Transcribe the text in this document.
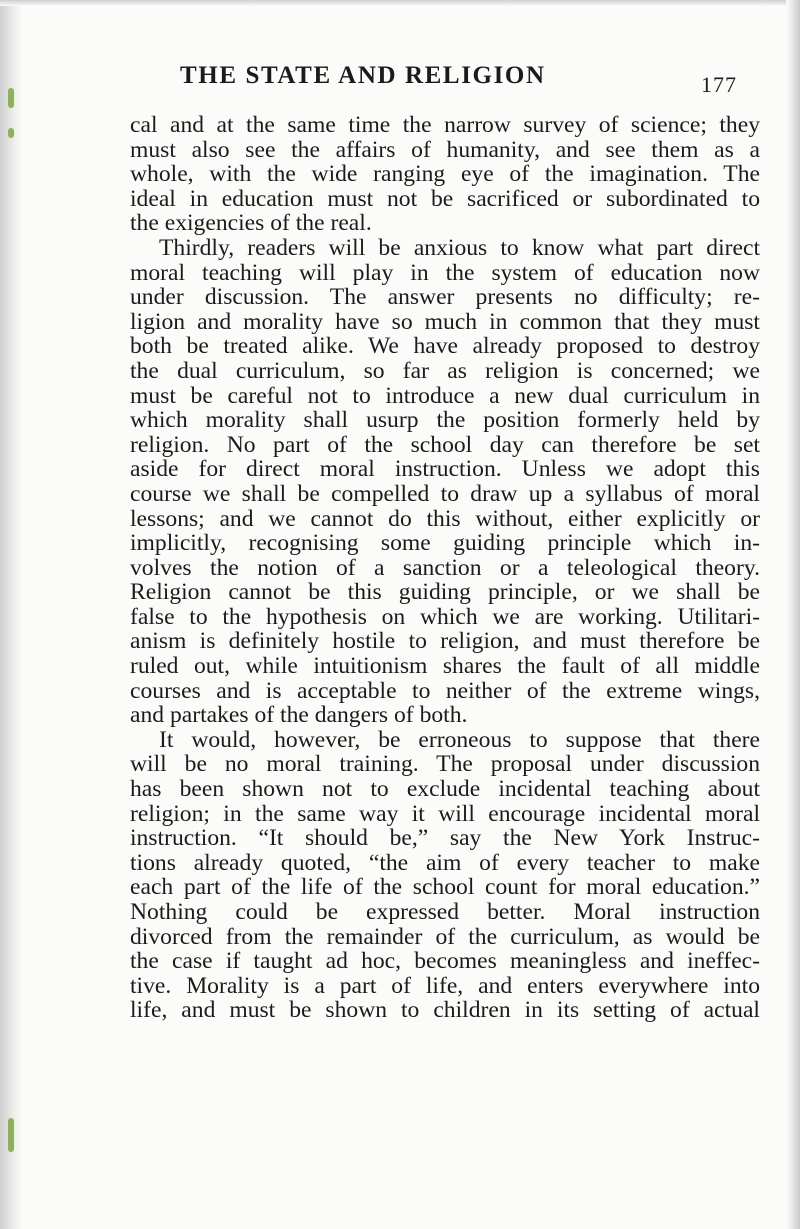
THE STATE AND RELIGION	177
cal and at the same time the narrow survey of science; they
must also see the affairs of humanity, and see them as a
whole, with the wide ranging eye of the imagination. The
ideal in education must not be sacrificed or subordinated to
the exigencies of the real.
Thirdly, readers will be anxious to know what part direct
moral teaching will play in the system of education now
under discussion. The answer presents no difficulty; re-
ligion and morality have so much in common that they must
both be treated alike. We have already proposed to destroy
the dual curriculum, so far as religion is concerned; we
must be careful not to introduce a new dual curriculum in
which morality shall usurp the position formerly held by
religion. No part of the school day can therefore be set
aside for direct moral instruction. Unless we adopt this
course we shall be compelled to draw up a syllabus of moral
lessons; and we cannot do this without, either explicitly or
implicitly, recognising some guiding principle which in-
volves the notion of a sanction or a teleological theory.
Religion cannot be this guiding principle, or we shall be
false to the hypothesis on which we are working. Utilitari-
anism is definitely hostile to religion, and must therefore be
ruled out, while intuitionism shares the fault of all middle
courses and is acceptable to neither of the extreme wings,
and partakes of the dangers of both.
It would, however, be erroneous to suppose that there
will be no moral training. The proposal under discussion
has been shown not to exclude incidental teaching about
religion; in the same way it will encourage incidental moral
instruction. “It should be,” say the New York Instruc-
tions already quoted, “the aim of every teacher to make
each part of the life of the school count for moral education.”
Nothing could be expressed better. Moral instruction
divorced from the remainder of the curriculum, as would be
the case if taught ad hoc, becomes meaningless and ineffec-
tive. Morality is a part of life, and enters everywhere into
life, and must be shown to children in its setting of actual
